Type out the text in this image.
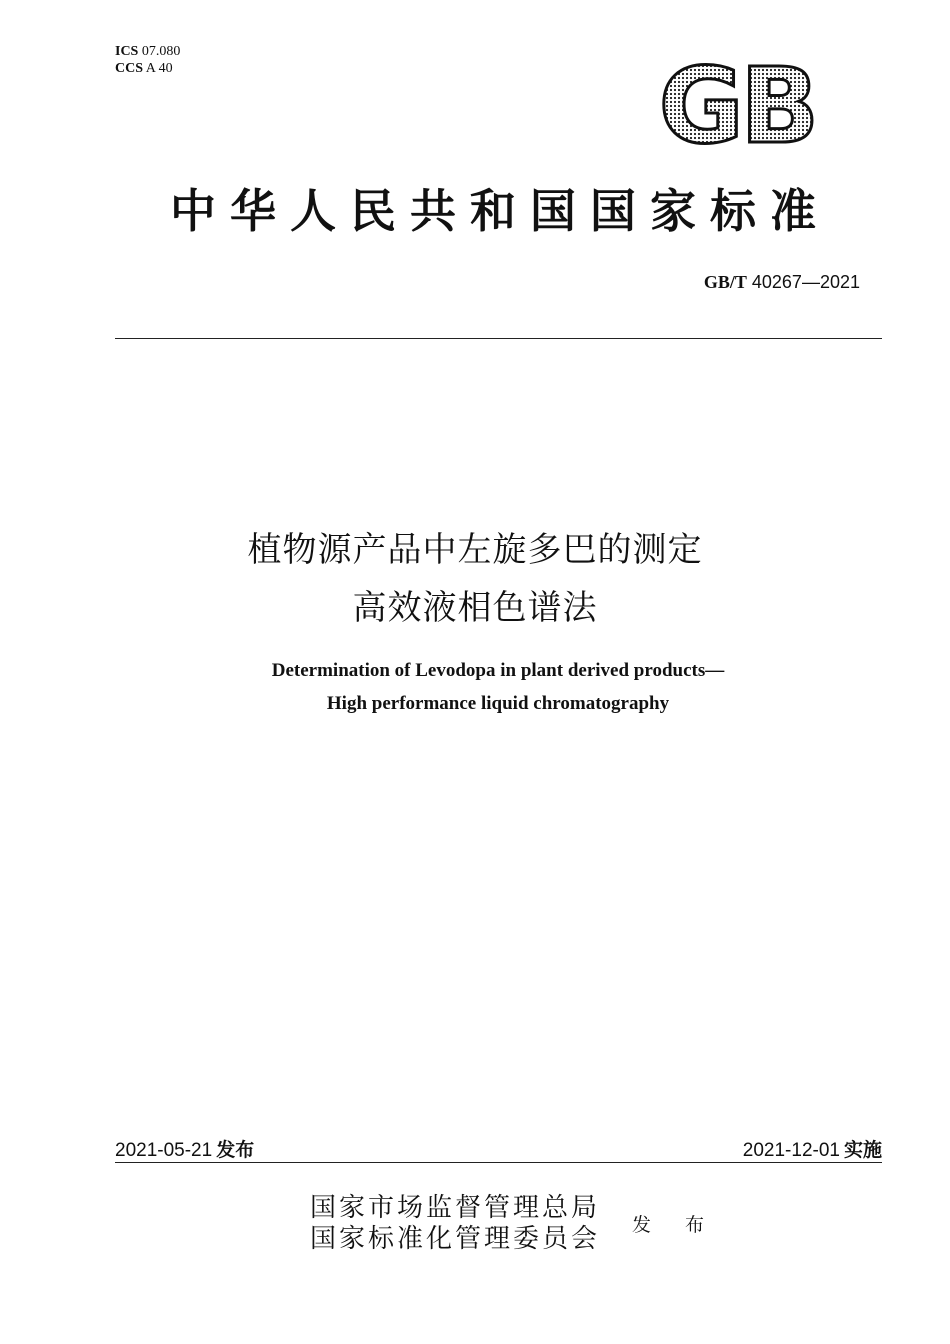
ICS 07.080
CCS A 40	GB
中华人民共和国国家标准
GB/T 40267—2021
植物源产品中左旋多巴的测定
高效液相色谱法
Determination of Levodopa in plant derived products—
High performance liquid chromatography
2021-05-21 发布	2021-12-01 实施
国家市场监督管理总局
国家标准化管理委员会 发 布
